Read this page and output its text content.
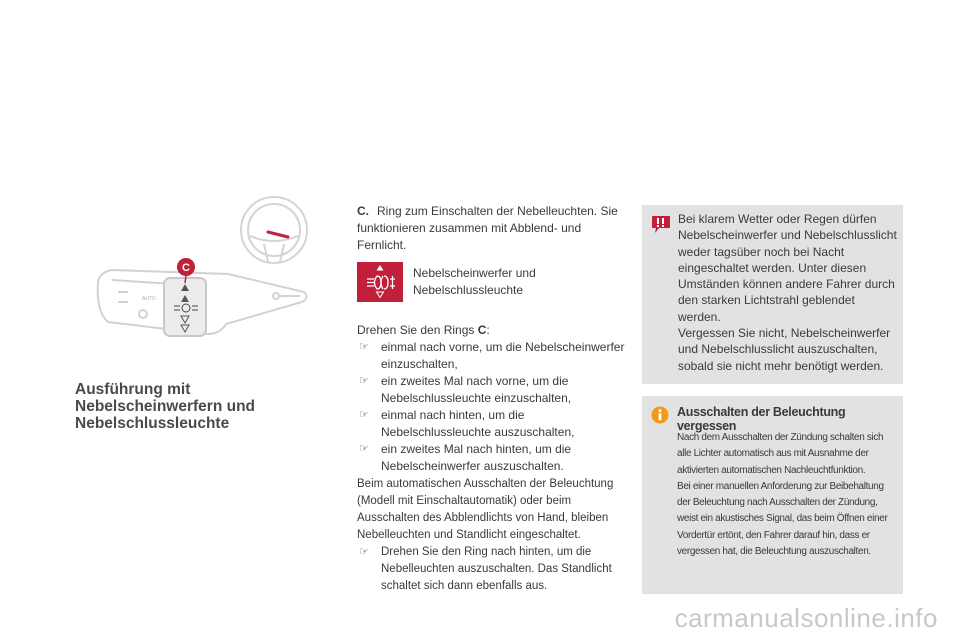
AUTO
C
Ausführung mit
Nebelscheinwerfern und
Nebelschlussleuchte
C. Ring zum Einschalten der Nebelleuchten. Sie funktionieren zusammen mit Abblend- und Fernlicht.
Nebelscheinwerfer und Nebelschlussleuchte
Drehen Sie den Rings C:
☞ einmal nach vorne, um die Nebelscheinwerfer einzuschalten,
☞ ein zweites Mal nach vorne, um die Nebelschlussleuchte einzuschalten,
☞ einmal nach hinten, um die Nebelschlussleuchte auszuschalten,
☞ ein zweites Mal nach hinten, um die Nebelscheinwerfer auszuschalten.
Beim automatischen Ausschalten der Beleuchtung (Modell mit Einschaltautomatik) oder beim Ausschalten des Abblendlichts von Hand, bleiben Nebelleuchten und Standlicht eingeschaltet.
☞ Drehen Sie den Ring nach hinten, um die Nebelleuchten auszuschalten. Das Standlicht schaltet sich dann ebenfalls aus.
Bei klarem Wetter oder Regen dürfen Nebelscheinwerfer und Nebelschlusslicht weder tagsüber noch bei Nacht eingeschaltet werden. Unter diesen Umständen können andere Fahrer durch den starken Lichtstrahl geblendet werden.
Vergessen Sie nicht, Nebelscheinwerfer und Nebelschlusslicht auszuschalten, sobald sie nicht mehr benötigt werden.
Ausschalten der Beleuchtung vergessen
Nach dem Ausschalten der Zündung schalten sich alle Lichter automatisch aus mit Ausnahme der aktivierten automatischen Nachleuchtfunktion.
Bei einer manuellen Anforderung zur Beibehaltung der Beleuchtung nach Ausschalten der Zündung, weist ein akustisches Signal, das beim Öffnen einer Vordertür ertönt, den Fahrer darauf hin, dass er vergessen hat, die Beleuchtung auszuschalten.
carmanualsonline.info
